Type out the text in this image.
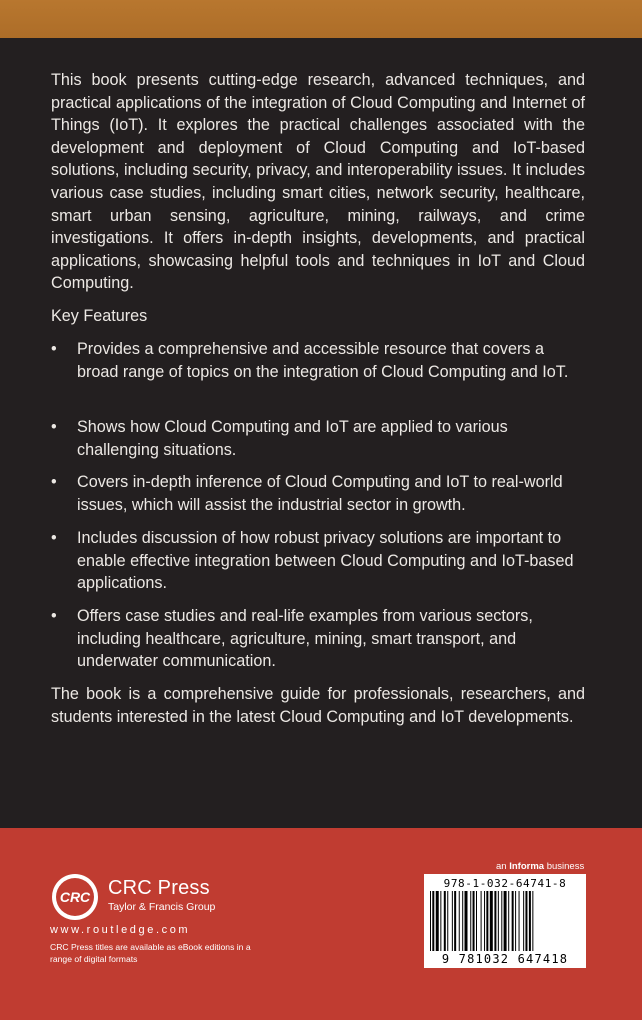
This book presents cutting-edge research, advanced techniques, and practical applications of the integration of Cloud Computing and Internet of Things (IoT). It explores the practical challenges associated with the development and deployment of Cloud Computing and IoT-based solutions, including security, privacy, and interoperability issues. It includes various case studies, including smart cities, network security, healthcare, smart urban sensing, agriculture, mining, railways, and crime investigations. It offers in-depth insights, developments, and practical applications, showcasing helpful tools and techniques in IoT and Cloud Computing.

Key Features

•	Provides a comprehensive and accessible resource that covers a broad range of topics on the integration of Cloud Computing and IoT.
•	Shows how Cloud Computing and IoT are applied to various challenging situations.
•	Covers in-depth inference of Cloud Computing and IoT to real-world issues, which will assist the industrial sector in growth.
•	Includes discussion of how robust privacy solutions are important to enable effective integration between Cloud Computing and IoT-based applications.
•	Offers case studies and real-life examples from various sectors, including healthcare, agriculture, mining, smart transport, and underwater communication.

The book is a comprehensive guide for professionals, researchers, and students interested in the latest Cloud Computing and IoT developments.

CRC CRC Press

Taylor & Francis Group

www.routledge.com

CRC Press titles are available as eBook editions in a range of digital formats

an Informa business

978-1-032-64741-8

9 781032 647418
